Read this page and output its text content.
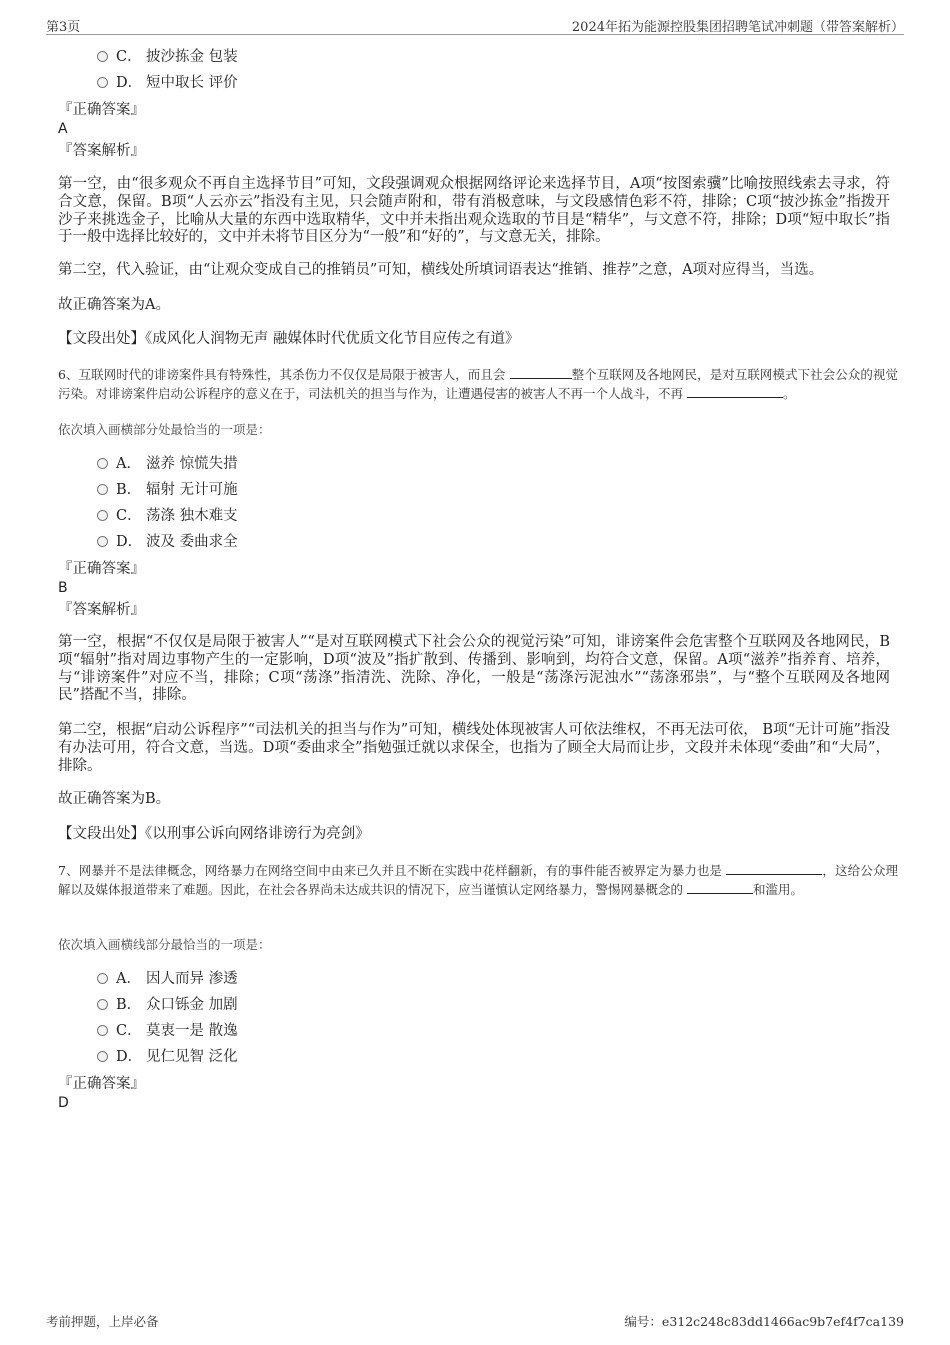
第3页	2024年拓为能源控股集团招聘笔试冲刺题（带答案解析）
C． 披沙拣金 包装
D． 短中取长 评价
『正确答案』
A
『答案解析』
第一空，由“很多观众不再自主选择节目”可知，文段强调观众根据网络评论来选择节目，A项“按图索骥”比喻按照线索去寻求，符合文意，保留。B项“人云亦云”指没有主见，只会随声附和，带有消极意味，与文段感情色彩不符，排除；C项“披沙拣金”指拨开沙子来挑选金子，比喻从大量的东西中选取精华，文中并未指出观众选取的节目是“精华”，与文意不符，排除；D项“短中取长”指于一般中选择比较好的，文中并未将节目区分为“一般”和“好的”，与文意无关，排除。
第二空，代入验证，由“让观众变成自己的推销员”可知，横线处所填词语表达“推销、推荐”之意，A项对应得当，当选。
故正确答案为A。
【文段出处】《成风化人润物无声 融媒体时代优质文化节目应传之有道》
6、互联网时代的诽谤案件具有特殊性，其杀伤力不仅仅是局限于被害人，而且会	整个互联网及各地网民，是对互联网模式下社会公众的视觉污染。对诽谤案件启动公诉程序的意义在于，司法机关的担当与作为，让遭遇侵害的被害人不再一个人战斗，不再	。
依次填入画横部分处最恰当的一项是：
A． 滋养 惊慌失措
B． 辐射 无计可施
C． 荡涤 独木难支
D． 波及 委曲求全
『正确答案』
B
『答案解析』
第一空，根据“不仅仅是局限于被害人”“是对互联网模式下社会公众的视觉污染”可知，诽谤案件会危害整个互联网及各地网民，B项“辐射”指对周边事物产生的一定影响，D项“波及”指扩散到、传播到、影响到，均符合文意，保留。A项“滋养”指养育、培养，与“诽谤案件”对应不当，排除；C项“荡涤”指清洗、洗除、净化，一般是“荡涤污泥浊水”“荡涤邪祟”，与“整个互联网及各地网民”搭配不当，排除。
第二空，根据“启动公诉程序”“司法机关的担当与作为”可知，横线处体现被害人可依法维权，不再无法可依， B项“无计可施”指没有办法可用，符合文意，当选。D项“委曲求全”指勉强迁就以求保全，也指为了顾全大局而让步，文段并未体现“委曲”和“大局”，排除。
故正确答案为B。
【文段出处】《以刑事公诉向网络诽谤行为亮剑》
7、网暴并不是法律概念，网络暴力在网络空间中由来已久并且不断在实践中花样翻新，有的事件能否被界定为暴力也是	，这给公众理解以及媒体报道带来了难题。因此，在社会各界尚未达成共识的情况下，应当谨慎认定网络暴力，警惕网暴概念的	和滥用。
依次填入画横线部分最恰当的一项是：
A． 因人而异 渗透
B． 众口铄金 加剧
C． 莫衷一是 散逸
D． 见仁见智 泛化
『正确答案』
D
考前押题，上岸必备	编号：e312c248c83dd1466ac9b7ef4f7ca139
